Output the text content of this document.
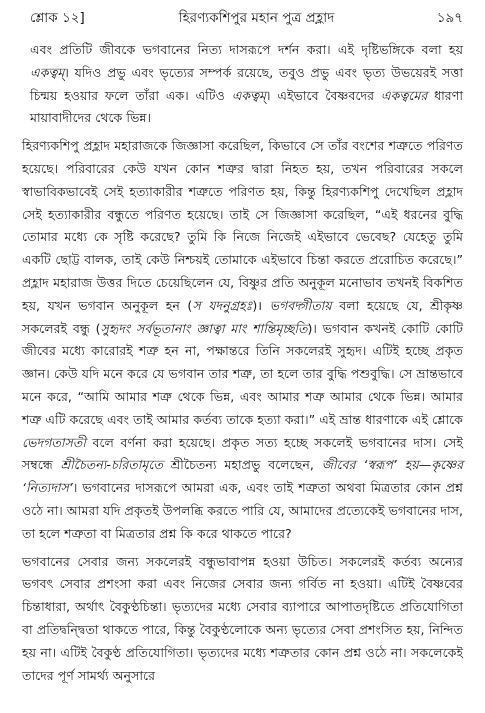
শ্লোক ১২]	হিরণ্যকশিপুর মহান পুত্র প্রহ্লাদ	১৯৭

এবং প্রতিটি জীবকে ভগবানের নিত্য দাসরূপে দর্শন করা। এই দৃষ্টিভঙ্গিকে বলা হয় একত্বম্। যদিও প্রভু এবং ভৃত্যের সম্পর্ক রয়েছে, তবুও প্রভু এবং ভৃত্য উভয়েরই সত্তা চিন্ময় হওয়ার ফলে তাঁরা এক। এটিও একত্বম্। এইভাবে বৈষ্ণবদের একত্বমের ধারণা মায়াবাদীদের থেকে ভিন্ন।

হিরণ্যকশিপু প্রহ্লাদ মহারাজকে জিজ্ঞাসা করেছিল, কিভাবে সে তাঁর বংশের শত্রুতে পরিণত হয়েছে। পরিবারের কেউ যখন কোন শত্রুর দ্বারা নিহত হয়, তখন পরিবারের সকলে স্বাভাবিকভাবেই সেই হত্যাকারীর শত্রুতে পরিণত হয়, কিন্তু হিরণ্যকশিপু দেখেছিল প্রহ্লাদ সেই হত্যাকারীর বন্ধুতে পরিণত হয়েছে। তাই সে জিজ্ঞাসা করেছিল, “এই ধরনের বুদ্ধি তোমার মধ্যে কে সৃষ্টি করেছে? তুমি কি নিজে নিজেই এইভাবে ভেবেছ? যেহেতু তুমি একটি ছোট্ট বালক, তাই কেউ নিশ্চয়ই তোমাকে এইভাবে চিন্তা করতে প্ররোচিত করেছে।” প্রহ্লাদ মহারাজ উত্তর দিতে চেয়েছিলেন যে, বিষ্ণুর প্রতি অনুকূল মনোভাব তখনই বিকশিত হয়, যখন ভগবান অনুকূল হন (স যদনুগ্রহঃ)। ভগবদ্গীতায় বলা হয়েছে যে, শ্রীকৃষ্ণ সকলেরই বন্ধু (সুহৃদং সর্বভূতানাং জ্ঞাত্বা মাং শান্তিমৃচ্ছতি)। ভগবান কখনই কোটি কোটি জীবের মধ্যে কারোরই শত্রু হন না, পক্ষান্তরে তিনি সকলেরই সুহৃদ। এটিই হচ্ছে প্রকৃত জ্ঞান। কেউ যদি মনে করে যে ভগবান তার শত্রু, তা হলে তার বুদ্ধি পশুবুদ্ধি। সে ভ্রান্তভাবে মনে করে, “আমি আমার শত্রু থেকে ভিন্ন, এবং আমার শত্রু আমার থেকে ভিন্ন। আমার শত্রু এটি করেছে এবং তাই আমার কর্তব্য তাকে হত্যা করা।” এই ভ্রান্ত ধারণাকে এই শ্লোকে ভেদগতাসতী বলে বর্ণনা করা হয়েছে। প্রকৃত সত্য হচ্ছে সকলেই ভগবানের দাস। সেই সম্বন্ধে শ্রীচৈতন্য-চরিতামৃতে শ্রীচৈতন্য মহাপ্রভু বলেছেন, জীবের ‘স্বরূপ’ হয়—কৃষ্ণের ‘নিত্যদাস’। ভগবানের দাসরূপে আমরা এক, এবং তাই শত্রুতা অথবা মিত্রতার কোন প্রশ্ন ওঠে না। আমরা যদি প্রকৃতই উপলব্ধি করতে পারি যে, আমাদের প্রত্যেকেই ভগবানের দাস, তা হলে শত্রুতা বা মিত্রতার প্রশ্ন কি করে থাকতে পারে?

ভগবানের সেবার জন্য সকলেরই বন্ধুভাবাপন্ন হওয়া উচিত। সকলেরই কর্তব্য অন্যের ভগবৎ সেবার প্রশংসা করা এবং নিজের সেবার জন্য গর্বিত না হওয়া। এটিই বৈষ্ণবের চিন্তাধারা, অর্থাৎ বৈকুণ্ঠচিন্তা। ভৃত্যদের মধ্যে সেবার ব্যাপারে আপাতদৃষ্টিতে প্রতিযোগিতা বা প্রতিদ্বন্দ্বিতা থাকতে পারে, কিন্তু বৈকুণ্ঠলোকে অন্য ভৃত্যের সেবা প্রশংসিত হয়, নিন্দিত হয় না। এটিই বৈকুণ্ঠ প্রতিযোগিতা। ভৃত্যদের মধ্যে শত্রুতার কোন প্রশ্ন ওঠে না। সকলেকেই তাদের পূর্ণ সামর্থ্য অনুসারে
